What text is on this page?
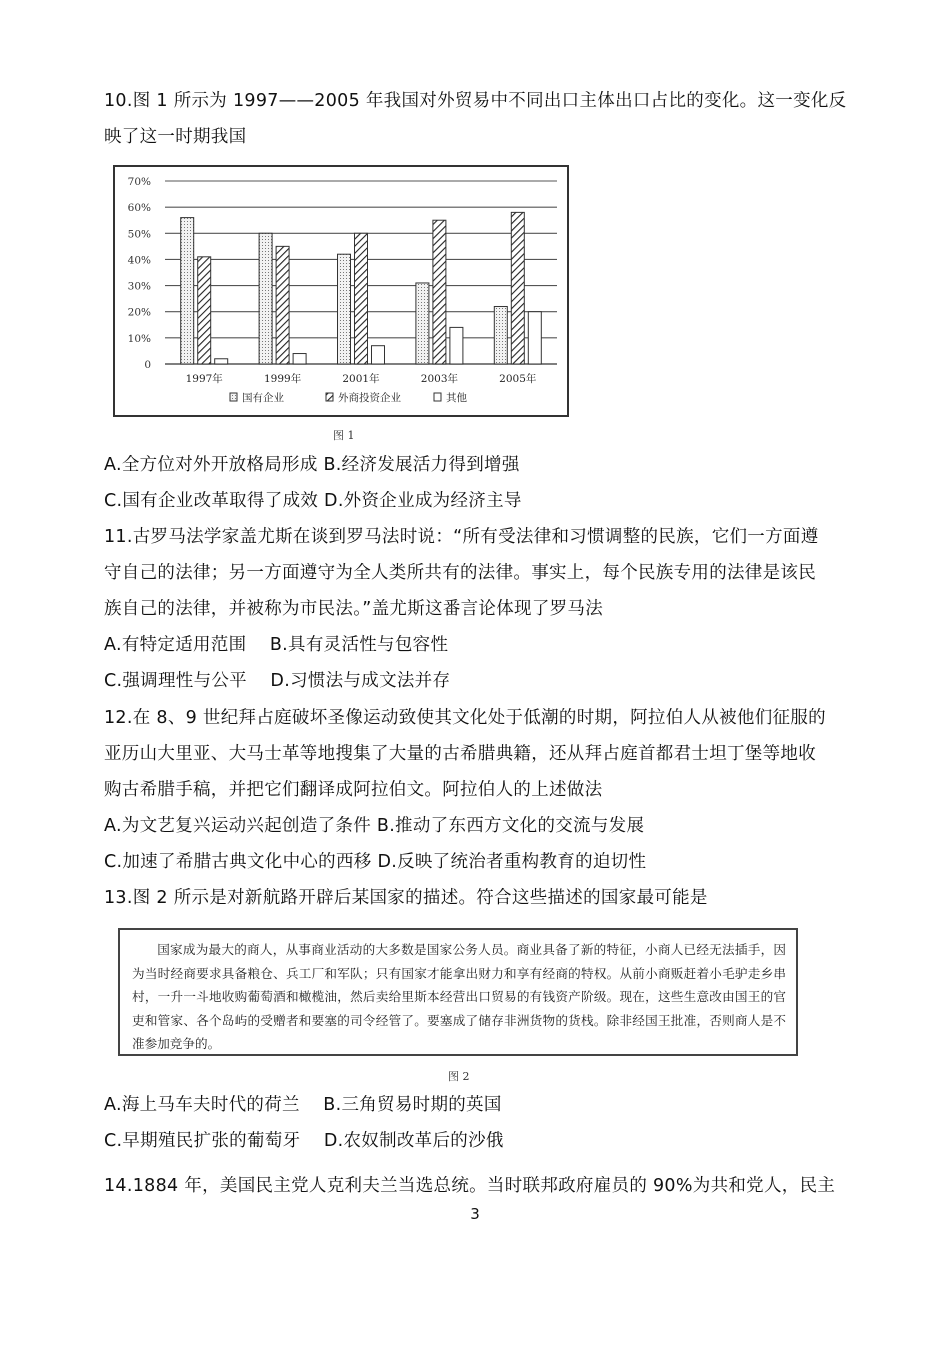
10.图 1 所示为 1997——2005 年我国对外贸易中不同出口主体出口占比的变化。这一变化反
映了这一时期我国
0
10%
20%
30%
40%
50%
60%
70%
1997年	1999年	2001年	2003年	2005年
国有企业	外商投资企业	其他
图 1
A.全方位对外开放格局形成 B.经济发展活力得到增强
C.国有企业改革取得了成效 D.外资企业成为经济主导
11.古罗马法学家盖尤斯在谈到罗马法时说：“所有受法律和习惯调整的民族，它们一方面遵
守自己的法律；另一方面遵守为全人类所共有的法律。事实上，每个民族专用的法律是该民
族自己的法律，并被称为市民法。”盖尤斯这番言论体现了罗马法
A.有特定适用范围    B.具有灵活性与包容性
C.强调理性与公平    D.习惯法与成文法并存
12.在 8、9 世纪拜占庭破坏圣像运动致使其文化处于低潮的时期，阿拉伯人从被他们征服的
亚历山大里亚、大马士革等地搜集了大量的古希腊典籍，还从拜占庭首都君士坦丁堡等地收
购古希腊手稿，并把它们翻译成阿拉伯文。阿拉伯人的上述做法
A.为文艺复兴运动兴起创造了条件 B.推动了东西方文化的交流与发展
C.加速了希腊古典文化中心的西移 D.反映了统治者重构教育的迫切性
13.图 2 所示是对新航路开辟后某国家的描述。符合这些描述的国家最可能是
国家成为最大的商人，从事商业活动的大多数是国家公务人员。商业具备了新的特征，小商人已经无法插手，因为当时经商要求具备粮仓、兵工厂和军队；只有国家才能拿出财力和享有经商的特权。从前小商贩赶着小毛驴走乡串村，一升一斗地收购葡萄酒和橄榄油，然后卖给里斯本经营出口贸易的有钱资产阶级。现在，这些生意改由国王的官吏和管家、各个岛屿的受赠者和要塞的司令经管了。要塞成了储存非洲货物的货栈。除非经国王批准，否则商人是不准参加竞争的。
图 2
A.海上马车夫时代的荷兰    B.三角贸易时期的英国
C.早期殖民扩张的葡萄牙    D.农奴制改革后的沙俄
14.1884 年，美国民主党人克利夫兰当选总统。当时联邦政府雇员的 90%为共和党人，民主
3
